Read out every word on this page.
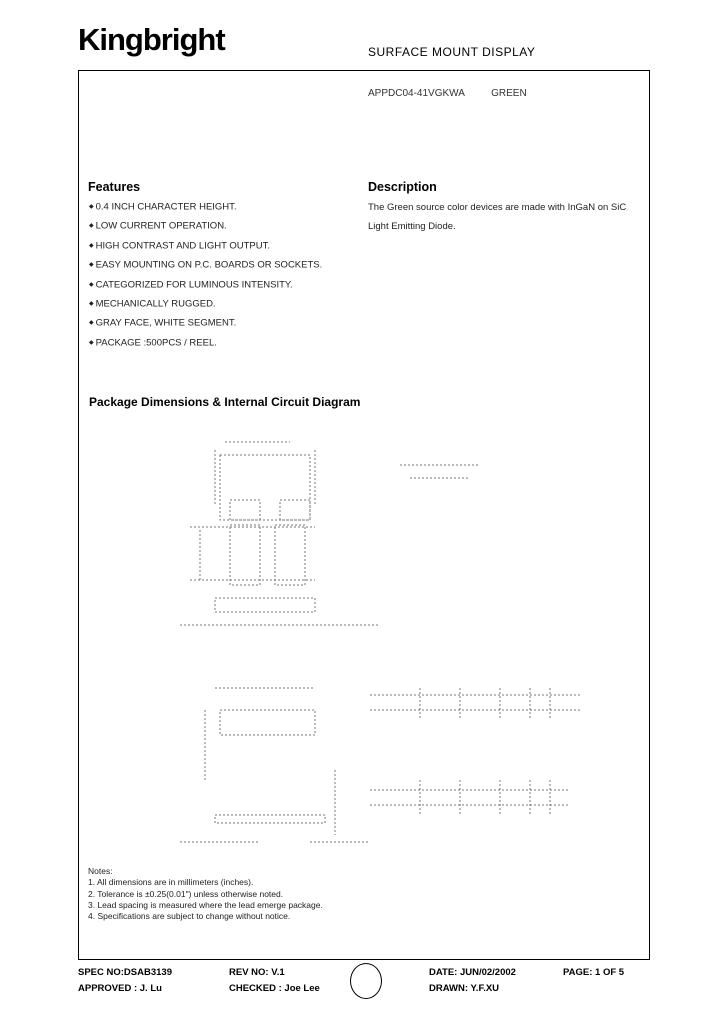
Kingbright	SURFACE MOUNT DISPLAY
APPDC04-41VGKWA	GREEN
Features
◆ 0.4 INCH CHARACTER HEIGHT.
◆ LOW CURRENT OPERATION.
◆ HIGH CONTRAST AND LIGHT OUTPUT.
◆ EASY MOUNTING ON P.C. BOARDS OR SOCKETS.
◆ CATEGORIZED FOR LUMINOUS INTENSITY.
◆ MECHANICALLY RUGGED.
◆ GRAY FACE, WHITE SEGMENT.
◆ PACKAGE :500PCS / REEL.
Description
The Green source color devices are made with InGaN on SiC Light Emitting Diode.
Package Dimensions & Internal Circuit Diagram
Notes:
1. All dimensions are in millimeters (inches).
2. Tolerance is ±0.25(0.01") unless otherwise noted.
3. Lead spacing is measured where the lead emerge package.
4. Specifications are subject to change without notice.
SPEC NO:DSAB3139	REV NO: V.1	DATE: JUN/02/2002	PAGE: 1 OF 5
APPROVED : J. Lu	CHECKED : Joe Lee	DRAWN: Y.F.XU
